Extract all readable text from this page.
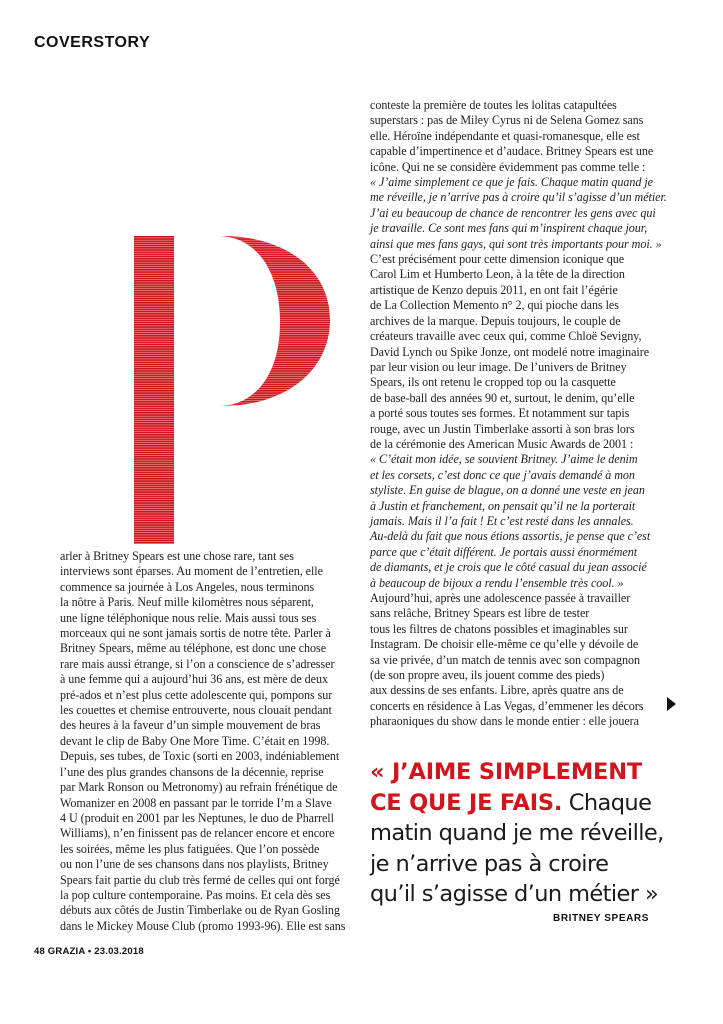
COVERSTORY

arler à Britney Spears est une chose rare, tant ses

interviews sont éparses. Au moment de l’entretien, elle

commence sa journée à Los Angeles, nous terminons

la nôtre à Paris. Neuf mille kilomètres nous séparent,

une ligne téléphonique nous relie. Mais aussi tous ses

morceaux qui ne sont jamais sortis de notre tête. Parler à

Britney Spears, même au téléphone, est donc une chose

rare mais aussi étrange, si l’on a conscience de s’adresser

à une femme qui a aujourd’hui 36 ans, est mère de deux

pré-ados et n’est plus cette adolescente qui, pompons sur

les couettes et chemise entrouverte, nous clouait pendant

des heures à la faveur d’un simple mouvement de bras

devant le clip de Baby One More Time. C’était en 1998.

Depuis, ses tubes, de Toxic (sorti en 2003, indéniablement

l’une des plus grandes chansons de la décennie, reprise

par Mark Ronson ou Metronomy) au refrain frénétique de

Womanizer en 2008 en passant par le torride I’m a Slave

4 U (produit en 2001 par les Neptunes, le duo de Pharrell

Williams), n’en finissent pas de relancer encore et encore

les soirées, même les plus fatiguées. Que l’on possède

ou non l’une de ses chansons dans nos playlists, Britney

Spears fait partie du club très fermé de celles qui ont forgé

la pop culture contemporaine. Pas moins. Et cela dès ses

débuts aux côtés de Justin Timberlake ou de Ryan Gosling

dans le Mickey Mouse Club (promo 1993-96). Elle est sans

conteste la première de toutes les lolitas catapultées

superstars : pas de Miley Cyrus ni de Selena Gomez sans

elle. Héroïne indépendante et quasi-romanesque, elle est

capable d’impertinence et d’audace. Britney Spears est une

icône. Qui ne se considère évidemment pas comme telle :

« J’aime simplement ce que je fais. Chaque matin quand je

me réveille, je n’arrive pas à croire qu’il s’agisse d’un métier.

J’ai eu beaucoup de chance de rencontrer les gens avec qui

je travaille. Ce sont mes fans qui m’inspirent chaque jour,

ainsi que mes fans gays, qui sont très importants pour moi. »

C’est précisément pour cette dimension iconique que

Carol Lim et Humberto Leon, à la tête de la direction

artistique de Kenzo depuis 2011, en ont fait l’égérie

de La Collection Memento n° 2, qui pioche dans les

archives de la marque. Depuis toujours, le couple de

créateurs travaille avec ceux qui, comme Chloë Sevigny,

David Lynch ou Spike Jonze, ont modelé notre imaginaire

par leur vision ou leur image. De l’univers de Britney

Spears, ils ont retenu le cropped top ou la casquette

de base-ball des années 90 et, surtout, le denim, qu’elle

a porté sous toutes ses formes. Et notamment sur tapis

rouge, avec un Justin Timberlake assorti à son bras lors

de la cérémonie des American Music Awards de 2001 :

« C’était mon idée, se souvient Britney. J’aime le denim

et les corsets, c’est donc ce que j’avais demandé à mon

styliste. En guise de blague, on a donné une veste en jean

à Justin et franchement, on pensait qu’il ne la porterait

jamais. Mais il l’a fait ! Et c’est resté dans les annales.

Au-delà du fait que nous étions assortis, je pense que c’est

parce que c’était différent. Je portais aussi énormément

de diamants, et je crois que le côté casual du jean associé

à beaucoup de bijoux a rendu l’ensemble très cool. »

Aujourd’hui, après une adolescence passée à travailler

sans relâche, Britney Spears est libre de tester

tous les filtres de chatons possibles et imaginables sur

Instagram. De choisir elle-même ce qu’elle y dévoile de

sa vie privée, d’un match de tennis avec son compagnon

(de son propre aveu, ils jouent comme des pieds)

aux dessins de ses enfants. Libre, après quatre ans de

concerts en résidence à Las Vegas, d’emmener les décors

pharaoniques du show dans le monde entier : elle jouera

« J’AIME SIMPLEMENT
CE QUE JE FAIS. Chaque
matin quand je me réveille,
je n’arrive pas à croire
qu’il s’agisse d’un métier »
BRITNEY SPEARS
48 GRAZIA • 23.03.2018
